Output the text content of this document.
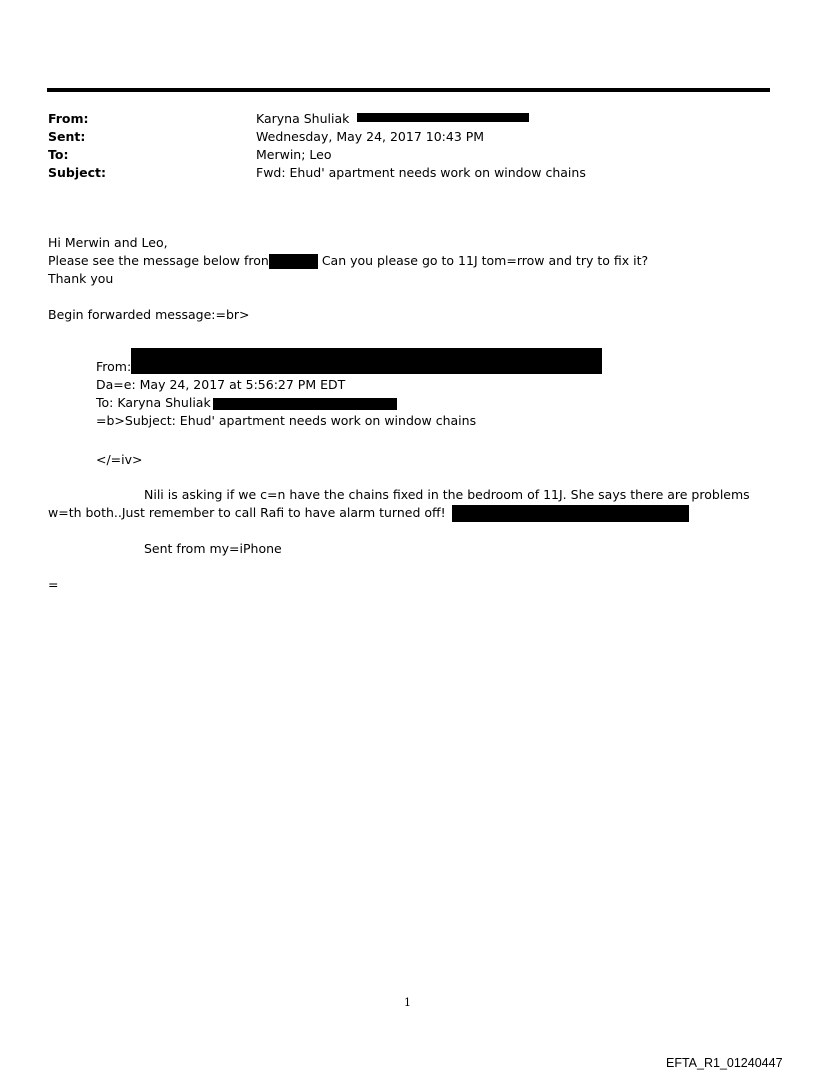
From:	Karyna Shuliak
Sent:	Wednesday, May 24, 2017 10:43 PM
To:	Merwin; Leo
Subject:	Fwd: Ehud' apartment needs work on window chains
Hi Merwin and Leo,
Please see the message below fron	Can you please go to 11J tom=rrow and try to fix it?
Thank you
Begin forwarded message:=br>
From:
Da=e: May 24, 2017 at 5:56:27 PM EDT
To: Karyna Shuliak
=b>Subject: Ehud' apartment needs work on window chains
</=iv>
Nili is asking if we c=n have the chains fixed in the bedroom of 11J. She says there are problems w=th both..Just remember to call Rafi to have alarm turned off!
Sent from my=iPhone
=
1
EFTA_R1_01240447
